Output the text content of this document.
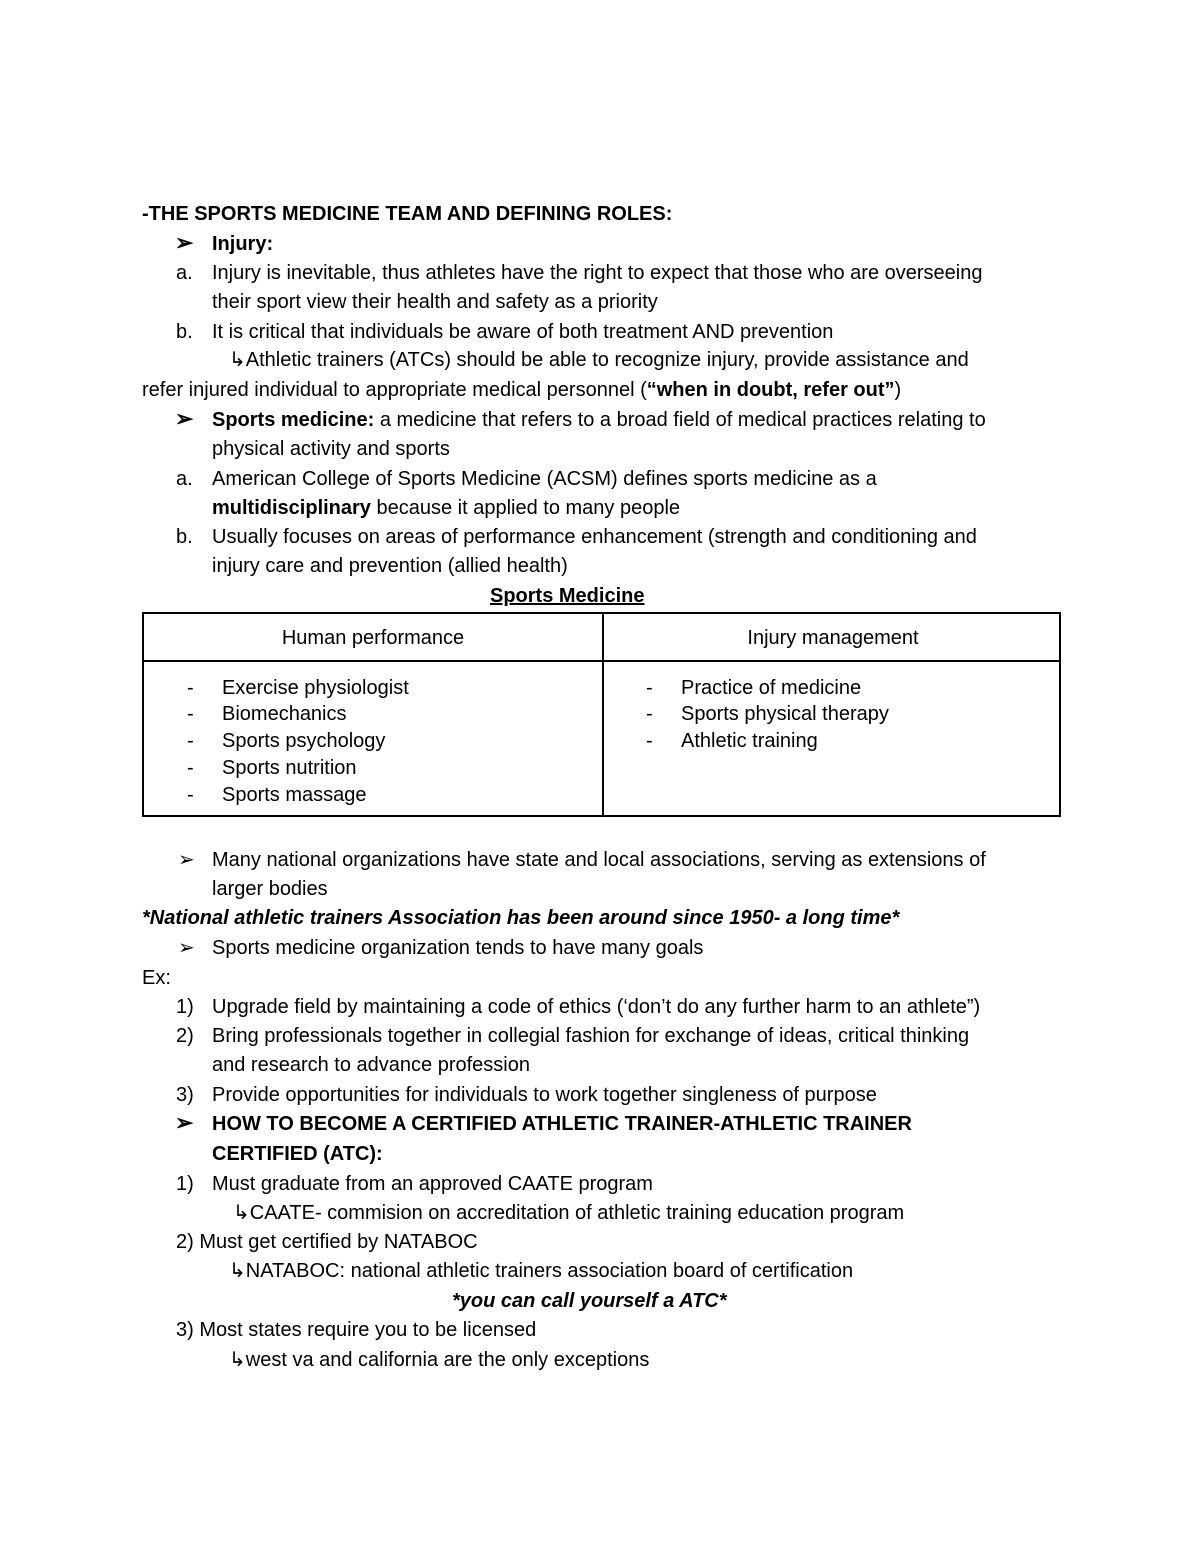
-THE SPORTS MEDICINE TEAM AND DEFINING ROLES:
➢ Injury:
a. Injury is inevitable, thus athletes have the right to expect that those who are overseeing
their sport view their health and safety as a priority
b. It is critical that individuals be aware of both treatment AND prevention
↳Athletic trainers (ATCs) should be able to recognize injury, provide assistance and
refer injured individual to appropriate medical personnel (“when in doubt, refer out”)
➢ Sports medicine: a medicine that refers to a broad field of medical practices relating to
physical activity and sports
a. American College of Sports Medicine (ACSM) defines sports medicine as a
multidisciplinary because it applied to many people
b. Usually focuses on areas of performance enhancement (strength and conditioning and
injury care and prevention (allied health)
Sports Medicine
Human performance	Injury management
- Exercise physiologist
- Biomechanics
- Sports psychology
- Sports nutrition
- Sports massage
- Practice of medicine
- Sports physical therapy
- Athletic training
➢ Many national organizations have state and local associations, serving as extensions of
larger bodies
*National athletic trainers Association has been around since 1950- a long time*
➢ Sports medicine organization tends to have many goals
Ex:
1) Upgrade field by maintaining a code of ethics (‘don’t do any further harm to an athlete”)
2) Bring professionals together in collegial fashion for exchange of ideas, critical thinking
and research to advance profession
3) Provide opportunities for individuals to work together singleness of purpose
➢ HOW TO BECOME A CERTIFIED ATHLETIC TRAINER-ATHLETIC TRAINER
CERTIFIED (ATC):
1) Must graduate from an approved CAATE program
↳CAATE- commision on accreditation of athletic training education program
2) Must get certified by NATABOC
↳NATABOC: national athletic trainers association board of certification
*you can call yourself a ATC*
3) Most states require you to be licensed
↳west va and california are the only exceptions
